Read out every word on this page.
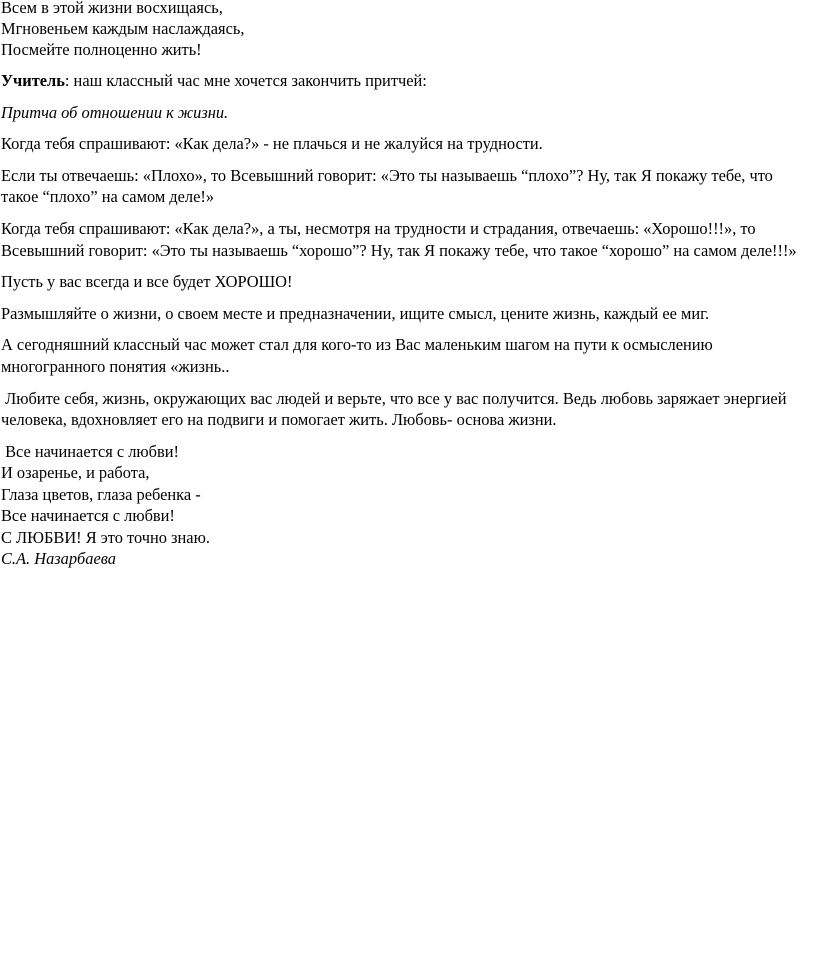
Всем в этой жизни восхищаясь,
Мгновеньем каждым наслаждаясь,
Посмейте полноценно жить!

Учитель: наш классный час мне хочется закончить притчей:

Притча об отношении к жизни.

Когда тебя спрашивают: «Как дела?» - не плачься и не жалуйся на трудности.

Если ты отвечаешь: «Плохо», то Всевышний говорит: «Это ты называешь “плохо”? Ну, так Я покажу тебе, что такое “плохо” на самом деле!»

Когда тебя спрашивают: «Как дела?», а ты, несмотря на трудности и страдания, отвечаешь: «Хорошо!!!», то Всевышний говорит: «Это ты называешь “хорошо”? Ну, так Я покажу тебе, что такое “хорошо” на самом деле!!!»

Пусть у вас всегда и все будет ХОРОШО!

Размышляйте о жизни, о своем месте и предназначении, ищите смысл, цените жизнь, каждый ее миг.

А сегодняшний классный час может стал для кого-то из Вас маленьким шагом на пути к осмыслению многогранного понятия «жизнь..

Любите себя, жизнь, окружающих вас людей и верьте, что все у вас получится. Ведь любовь заряжает энергией человека, вдохновляет его на подвиги и помогает жить. Любовь- основа жизни.

Все начинается с любви!
И озаренье, и работа,
Глаза цветов, глаза ребенка -
Все начинается с любви!
С ЛЮБВИ! Я это точно знаю.
С.А. Назарбаева
